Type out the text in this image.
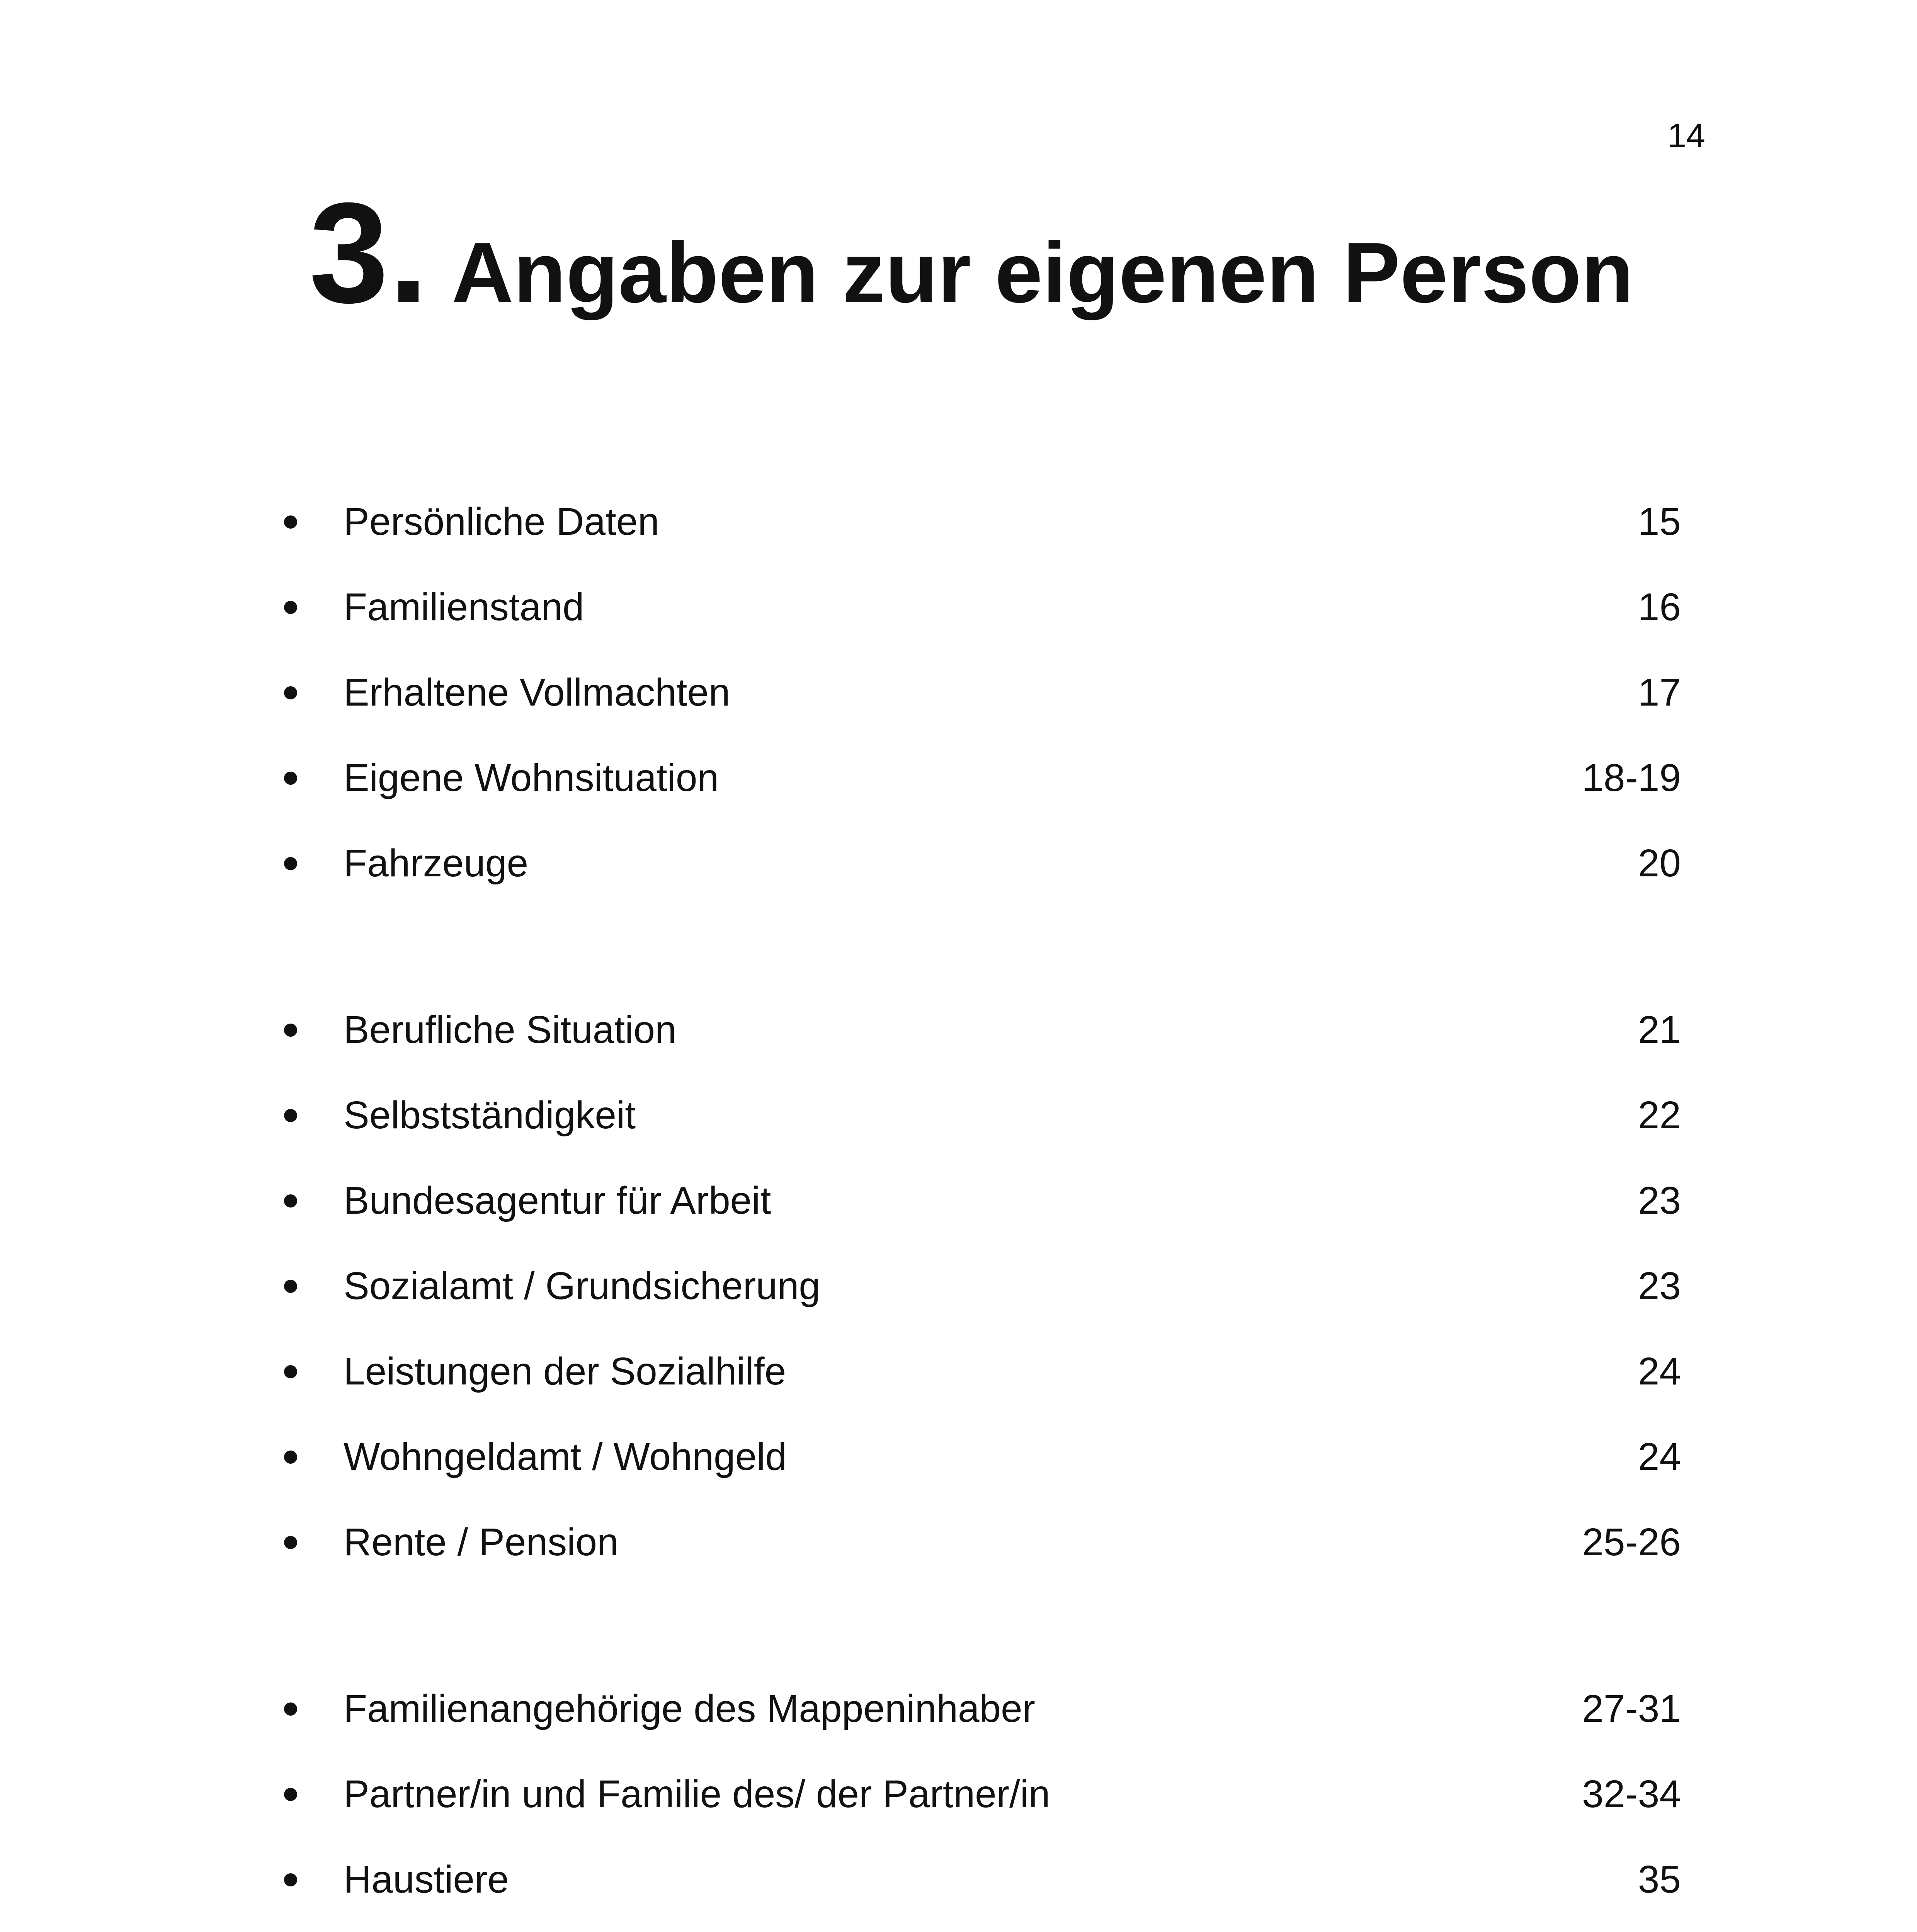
14
3. Angaben zur eigenen Person
Persönliche Daten	15
Familienstand	16
Erhaltene Vollmachten	17
Eigene Wohnsituation	18-19
Fahrzeuge	20
Berufliche Situation	21
Selbstständigkeit	22
Bundesagentur für Arbeit	23
Sozialamt / Grundsicherung	23
Leistungen der Sozialhilfe	24
Wohngeldamt / Wohngeld	24
Rente / Pension	25-26
Familienangehörige des Mappeninhaber	27-31
Partner/in und Familie des/ der Partner/in	32-34
Haustiere	35
